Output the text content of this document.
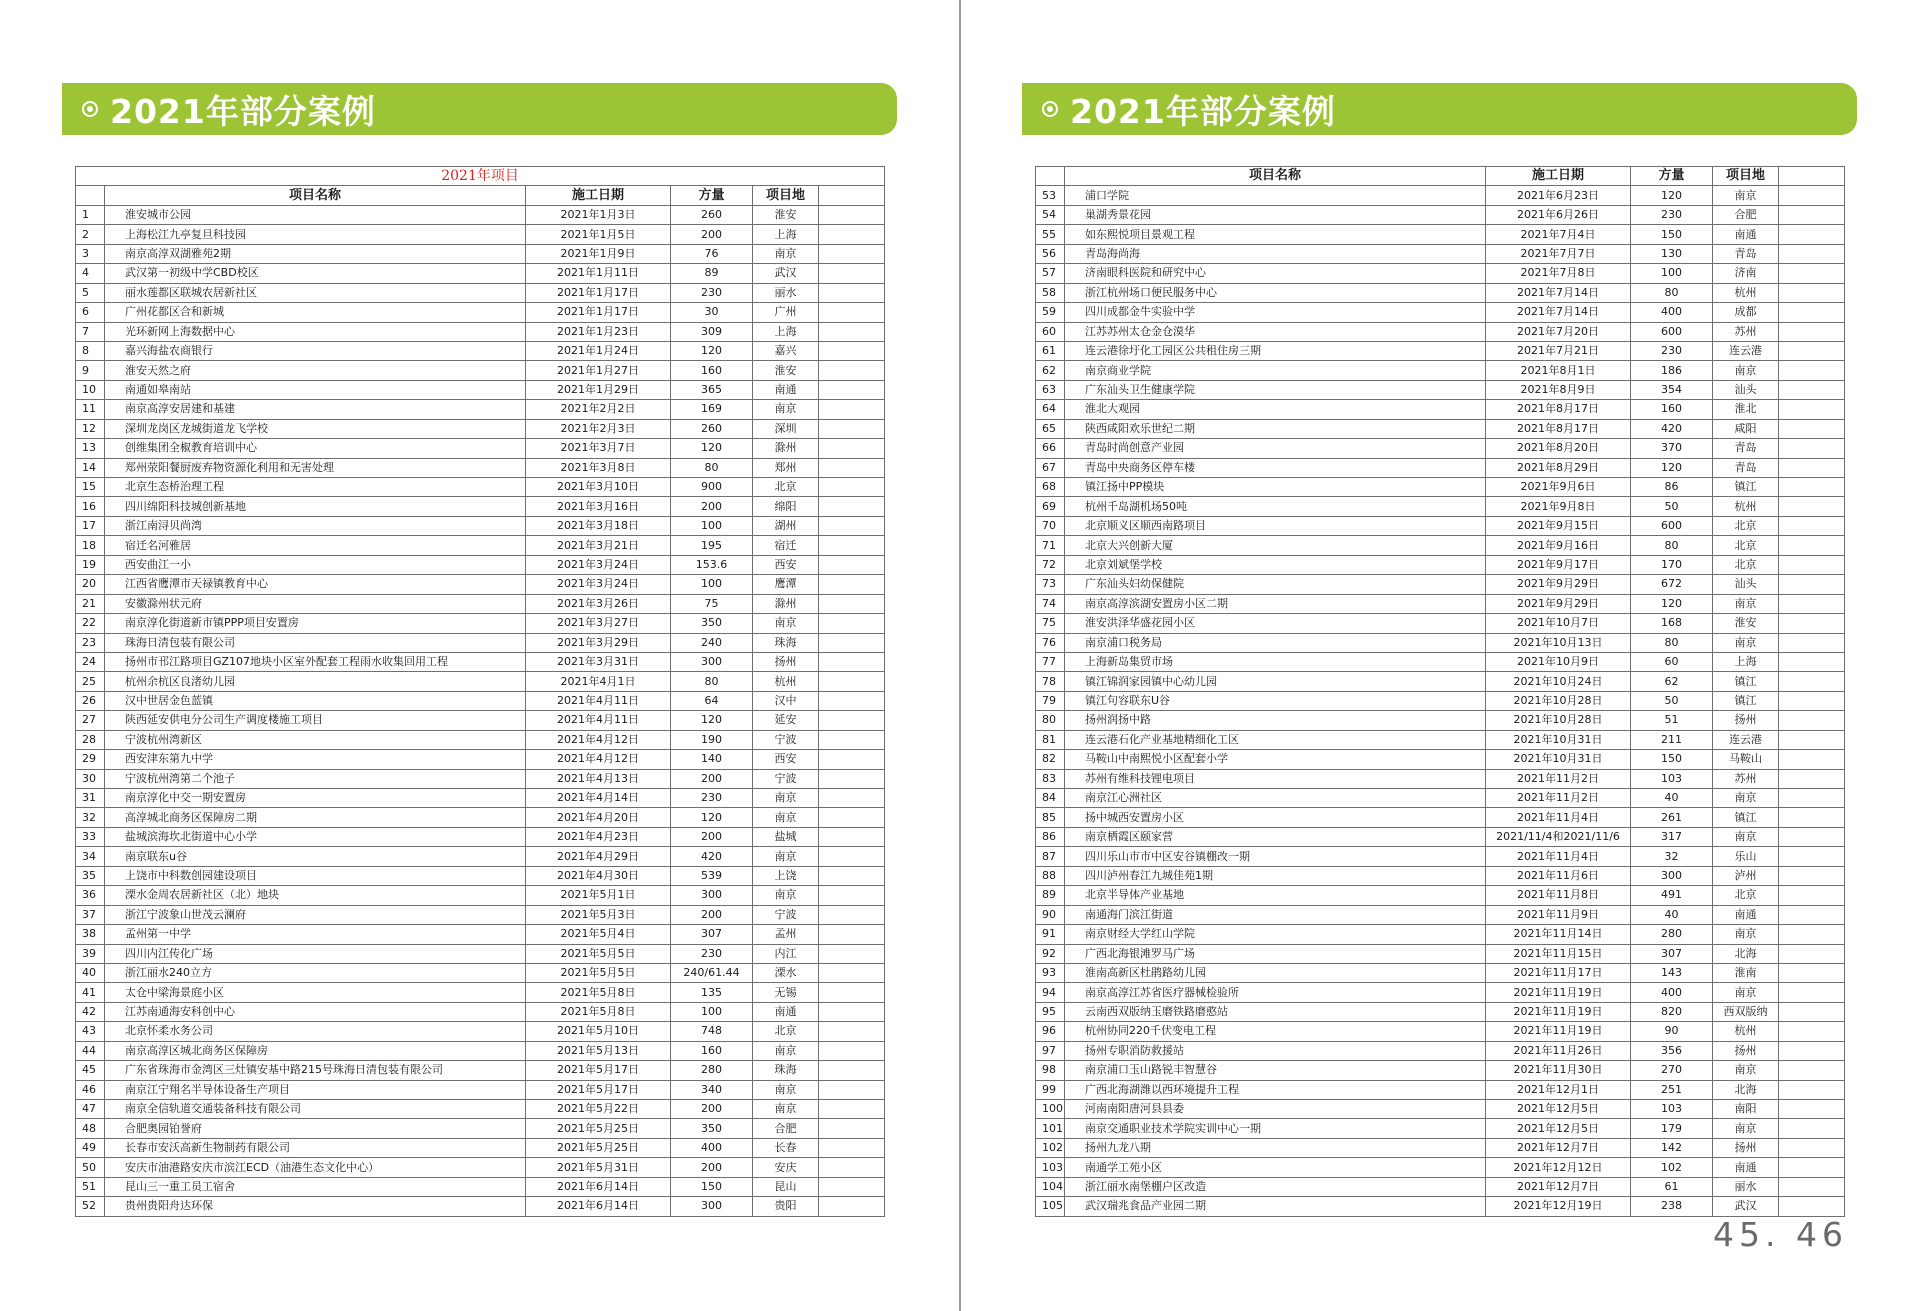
2021年部分案例	2021年部分案例
2021年项目					
	项目名称	施工日期	方量	项目地	
1	淮安城市公园	2021年1月3日	260	淮安	
2	上海松江九亭复旦科技园	2021年1月5日	200	上海	
3	南京高淳双湖雅苑2期	2021年1月9日	76	南京	
4	武汉第一初级中学CBD校区	2021年1月11日	89	武汉	
5	丽水莲都区联城农居新社区	2021年1月17日	230	丽水	
6	广州花都区合和新城	2021年1月17日	30	广州	
7	光环新网上海数据中心	2021年1月23日	309	上海	
8	嘉兴海盐农商银行	2021年1月24日	120	嘉兴	
9	淮安天然之府	2021年1月27日	160	淮安	
10	南通如皋南站	2021年1月29日	365	南通	
11	南京高淳安居建和基建	2021年2月2日	169	南京	
12	深圳龙岗区龙城街道龙飞学校	2021年2月3日	260	深圳	
13	创维集团全椒教育培训中心	2021年3月7日	120	滁州	
14	郑州荥阳餐厨废弃物资源化利用和无害处理	2021年3月8日	80	郑州	
15	北京生态桥治理工程	2021年3月10日	900	北京	
16	四川绵阳科技城创新基地	2021年3月16日	200	绵阳	
17	浙江南浔贝尚湾	2021年3月18日	100	湖州	
18	宿迁名河雅居	2021年3月21日	195	宿迁	
19	西安曲江一小	2021年3月24日	153.6	西安	
20	江西省鹰潭市天禄镇教育中心	2021年3月24日	100	鹰潭	
21	安徽滁州状元府	2021年3月26日	75	滁州	
22	南京淳化街道新市镇PPP项目安置房	2021年3月27日	350	南京	
23	珠海日清包装有限公司	2021年3月29日	240	珠海	
24	扬州市邗江路项目GZ107地块小区室外配套工程雨水收集回用工程	2021年3月31日	300	扬州	
25	杭州余杭区良渚幼儿园	2021年4月1日	80	杭州	
26	汉中世居金色蓝镇	2021年4月11日	64	汉中	
27	陕西延安供电分公司生产调度楼施工项目	2021年4月11日	120	延安	
28	宁波杭州湾新区	2021年4月12日	190	宁波	
29	西安津东第九中学	2021年4月12日	140	西安	
30	宁波杭州湾第二个池子	2021年4月13日	200	宁波	
31	南京淳化中交一期安置房	2021年4月14日	230	南京	
32	高淳城北商务区保障房二期	2021年4月20日	120	南京	
33	盐城滨海坎北街道中心小学	2021年4月23日	200	盐城	
34	南京联东u谷	2021年4月29日	420	南京	
35	上饶市中科数创园建设项目	2021年4月30日	539	上饶	
36	溧水金周农居新社区（北）地块	2021年5月1日	300	南京	
37	浙江宁波象山世茂云澜府	2021年5月3日	200	宁波	
38	孟州第一中学	2021年5月4日	307	孟州	
39	四川内江传化广场	2021年5月5日	230	内江	
40	浙江丽水240立方	2021年5月5日	240/61.44	溧水	
41	太仓中梁海景庭小区	2021年5月8日	135	无锡	
42	江苏南通海安科创中心	2021年5月8日	100	南通	
43	北京怀柔水务公司	2021年5月10日	748	北京	
44	南京高淳区城北商务区保障房	2021年5月13日	160	南京	
45	广东省珠海市金湾区三灶镇安基中路215号珠海日清包装有限公司	2021年5月17日	280	珠海	
46	南京江宁翔名半导体设备生产项目	2021年5月17日	340	南京	
47	南京全信轨道交通装备科技有限公司	2021年5月22日	200	南京	
48	合肥奥园铂誉府	2021年5月25日	350	合肥	
49	长春市安沃高新生物制药有限公司	2021年5月25日	400	长春	
50	安庆市油港路安庆市滨江ECD（油港生态文化中心）	2021年5月31日	200	安庆	
51	昆山三一重工员工宿舍	2021年6月14日	150	昆山	
52	贵州贵阳舟达环保	2021年6月14日	300	贵阳	
	项目名称	施工日期	方量	项目地	
53	浦口学院	2021年6月23日	120	南京	
54	巢湖秀景花园	2021年6月26日	230	合肥	
55	如东熙悦项目景观工程	2021年7月4日	150	南通	
56	青岛海尚海	2021年7月7日	130	青岛	
57	济南眼科医院和研究中心	2021年7月8日	100	济南	
58	浙江杭州场口便民服务中心	2021年7月14日	80	杭州	
59	四川成都金牛实验中学	2021年7月14日	400	成都	
60	江苏苏州太仓金仓漠华	2021年7月20日	600	苏州	
61	连云港徐圩化工园区公共租住房三期	2021年7月21日	230	连云港	
62	南京商业学院	2021年8月1日	186	南京	
63	广东汕头卫生健康学院	2021年8月9日	354	汕头	
64	淮北大观园	2021年8月17日	160	淮北	
65	陕西咸阳欢乐世纪二期	2021年8月17日	420	咸阳	
66	青岛时尚创意产业园	2021年8月20日	370	青岛	
67	青岛中央商务区停车楼	2021年8月29日	120	青岛	
68	镇江扬中PP模块	2021年9月6日	86	镇江	
69	杭州千岛湖机场50吨	2021年9月8日	50	杭州	
70	北京顺义区顺西南路项目	2021年9月15日	600	北京	
71	北京大兴创新大厦	2021年9月16日	80	北京	
72	北京刘斌堡学校	2021年9月17日	170	北京	
73	广东汕头妇幼保健院	2021年9月29日	672	汕头	
74	南京高淳滨湖安置房小区二期	2021年9月29日	120	南京	
75	淮安洪泽华盛花园小区	2021年10月7日	168	淮安	
76	南京浦口税务局	2021年10月13日	80	南京	
77	上海新岛集贸市场	2021年10月9日	60	上海	
78	镇江锦润家园镇中心幼儿园	2021年10月24日	62	镇江	
79	镇江句容联东U谷	2021年10月28日	50	镇江	
80	扬州润扬中路	2021年10月28日	51	扬州	
81	连云港石化产业基地精细化工区	2021年10月31日	211	连云港	
82	马鞍山中南熙悦小区配套小学	2021年10月31日	150	马鞍山	
83	苏州有维科技锂电项目	2021年11月2日	103	苏州	
84	南京江心洲社区	2021年11月2日	40	南京	
85	扬中城西安置房小区	2021年11月4日	261	镇江	
86	南京栖霞区颐家营	2021/11/4和2021/11/6	317	南京	
87	四川乐山市市中区安谷镇棚改一期	2021年11月4日	32	乐山	
88	四川泸州春江九城佳苑1期	2021年11月6日	300	泸州	
89	北京半导体产业基地	2021年11月8日	491	北京	
90	南通海门滨江街道	2021年11月9日	40	南通	
91	南京财经大学红山学院	2021年11月14日	280	南京	
92	广西北海银滩罗马广场	2021年11月15日	307	北海	
93	淮南高新区杜鹃路幼儿园	2021年11月17日	143	淮南	
94	南京高淳江苏省医疗器械检验所	2021年11月19日	400	南京	
95	云南西双版纳玉磨铁路磨憨站	2021年11月19日	820	西双版纳	
96	杭州协同220千伏变电工程	2021年11月19日	90	杭州	
97	扬州专职消防救援站	2021年11月26日	356	扬州	
98	南京浦口玉山路锐丰智慧谷	2021年11月30日	270	南京	
99	广西北海湖潍以西环境提升工程	2021年12月1日	251	北海	
100	河南南阳唐河县县委	2021年12月5日	103	南阳	
101	南京交通职业技术学院实训中心一期	2021年12月5日	179	南京	
102	扬州九龙八期	2021年12月7日	142	扬州	
103	南通学工苑小区	2021年12月12日	102	南通	
104	浙江丽水南堡棚户区改造	2021年12月7日	61	丽水	
105	武汉瑞兆食品产业园二期	2021年12月19日	238	武汉	
45. 46
